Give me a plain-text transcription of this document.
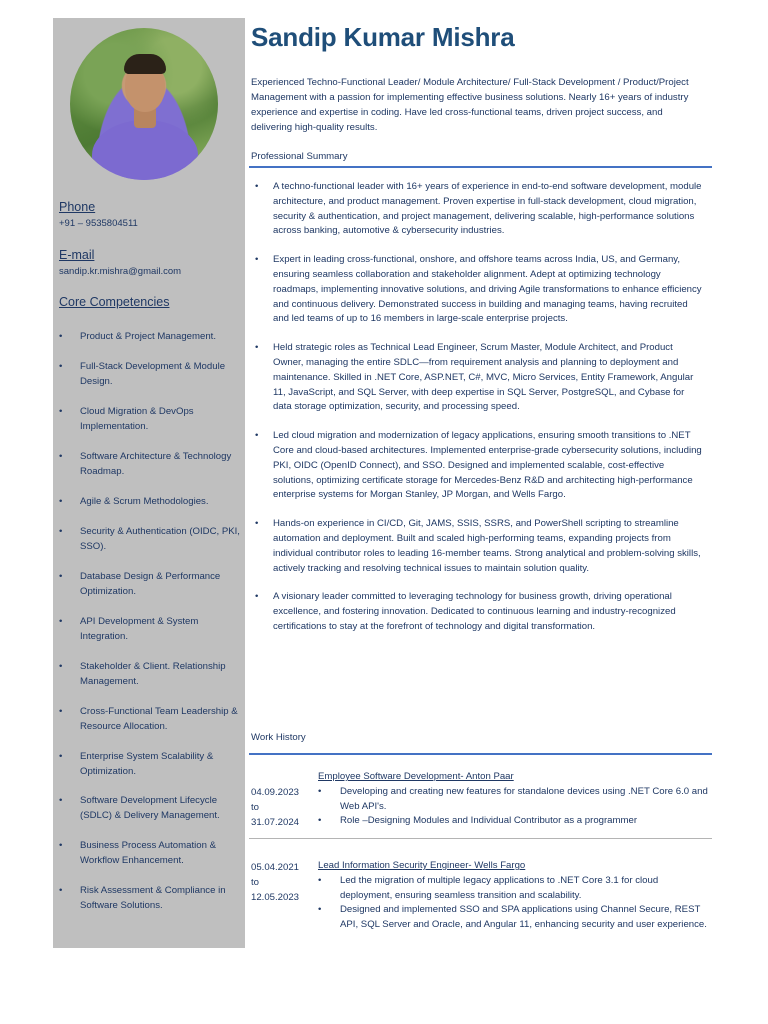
Phone
+91 – 9535804511
E-mail
sandip.kr.mishra@gmail.com
Core Competencies
• Product & Project Management.
• Full-Stack Development & Module Design.
• Cloud Migration & DevOps Implementation.
• Software Architecture & Technology Roadmap.
• Agile & Scrum Methodologies.
• Security & Authentication (OIDC, PKI, SSO).
• Database Design & Performance Optimization.
• API Development & System Integration.
• Stakeholder & Client. Relationship Management.
• Cross-Functional Team Leadership & Resource Allocation.
• Enterprise System Scalability & Optimization.
• Software Development Lifecycle (SDLC) & Delivery Management.
• Business Process Automation & Workflow Enhancement.
• Risk Assessment & Compliance in Software Solutions.
Sandip Kumar Mishra

Experienced Techno-Functional Leader/ Module Architecture/ Full-Stack Development / Product/Project Management with a passion for implementing effective business solutions. Nearly 16+ years of industry experience and expertise in coding. Have led cross-functional teams, driven project success, and delivering high-quality results.

Professional Summary
• A techno-functional leader with 16+ years of experience in end-to-end software development, module architecture, and product management. Proven expertise in full-stack development, cloud migration, security & authentication, and project management, delivering scalable, high-performance solutions across banking, automotive & cybersecurity industries.
• Expert in leading cross-functional, onshore, and offshore teams across India, US, and Germany, ensuring seamless collaboration and stakeholder alignment. Adept at optimizing technology roadmaps, implementing innovative solutions, and driving Agile transformations to enhance efficiency and continuous delivery. Demonstrated success in building and managing teams, having recruited and led teams of up to 16 members in large-scale enterprise projects.
• Held strategic roles as Technical Lead Engineer, Scrum Master, Module Architect, and Product Owner, managing the entire SDLC—from requirement analysis and planning to deployment and maintenance. Skilled in .NET Core, ASP.NET, C#, MVC, Micro Services, Entity Framework, Angular 11, JavaScript, and SQL Server, with deep expertise in SQL Server, PostgreSQL, and Cybase for data storage optimization, security, and processing speed.
• Led cloud migration and modernization of legacy applications, ensuring smooth transitions to .NET Core and cloud-based architectures. Implemented enterprise-grade cybersecurity solutions, including PKI, OIDC (OpenID Connect), and SSO. Designed and implemented scalable, cost-effective solutions, optimizing certificate storage for Mercedes-Benz R&D and architecting high-performance enterprise systems for Morgan Stanley, JP Morgan, and Wells Fargo.
• Hands-on experience in CI/CD, Git, JAMS, SSIS, SSRS, and PowerShell scripting to streamline automation and deployment. Built and scaled high-performing teams, expanding projects from individual contributor roles to leading 16-member teams. Strong analytical and problem-solving skills, actively tracking and resolving technical issues to maintain solution quality.
• A visionary leader committed to leveraging technology for business growth, driving operational excellence, and fostering innovation. Dedicated to continuous learning and industry-recognized certifications to stay at the forefront of technology and digital transformation.
Work History
Employee Software Development- Anton Paar
04.09.2023
to
31.07.2024
• Developing and creating new features for standalone devices using .NET Core 6.0 and Web API's.
• Role –Designing Modules and Individual Contributor as a programmer
Lead Information Security Engineer- Wells Fargo
05.04.2021
to
12.05.2023
• Led the migration of multiple legacy applications to .NET Core 3.1 for cloud deployment, ensuring seamless transition and scalability.
• Designed and implemented SSO and SPA applications using Channel Secure, REST API, SQL Server and Oracle, and Angular 11, enhancing security and user experience.
